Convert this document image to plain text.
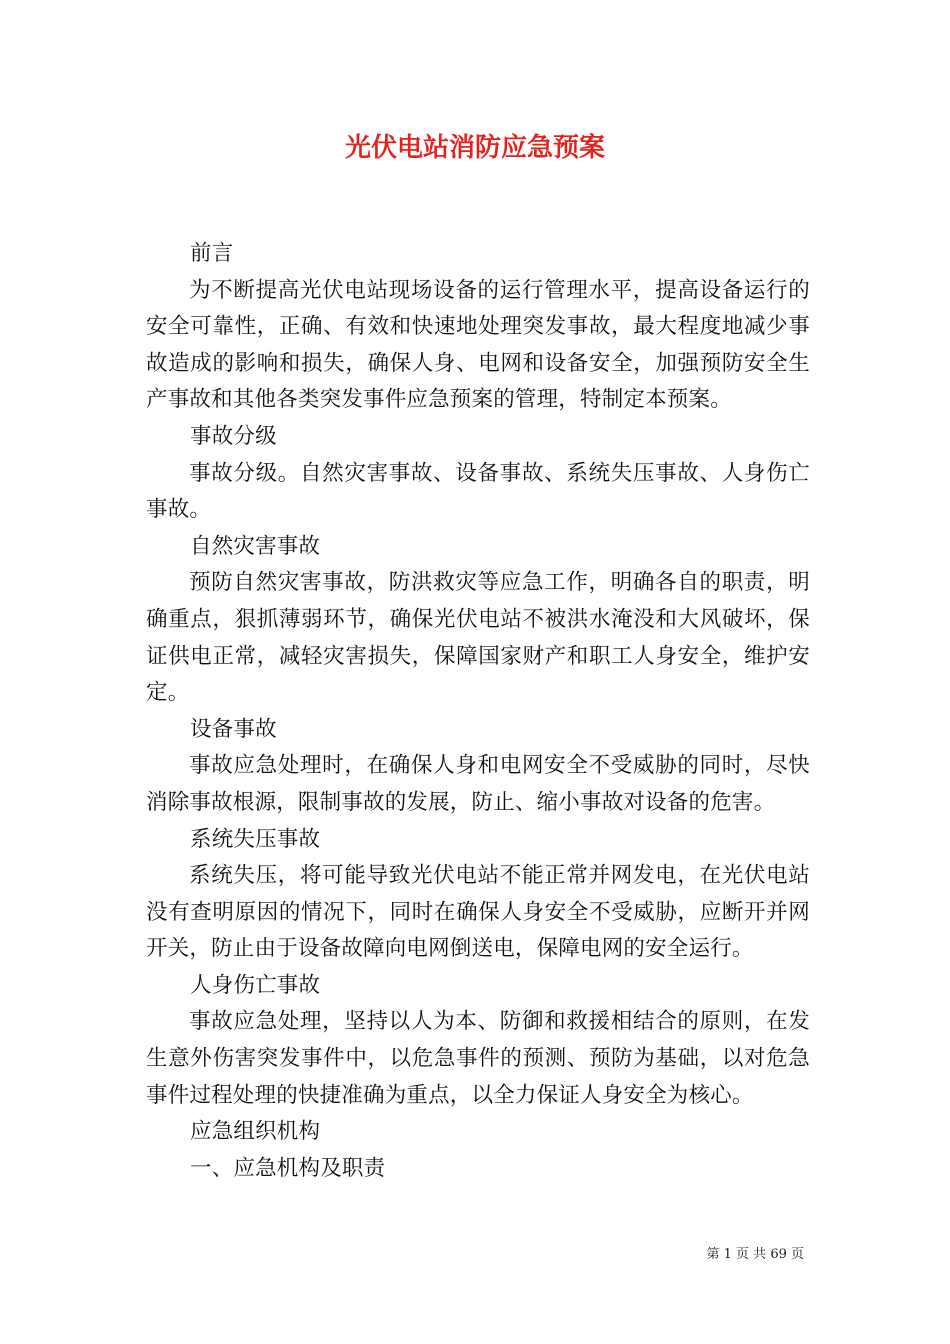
光伏电站消防应急预案

前言

为不断提高光伏电站现场设备的运行管理水平，提高设备运行的安全可靠性，正确、有效和快速地处理突发事故，最大程度地减少事故造成的影响和损失，确保人身、电网和设备安全，加强预防安全生产事故和其他各类突发事件应急预案的管理，特制定本预案。

事故分级

事故分级。自然灾害事故、设备事故、系统失压事故、人身伤亡事故。

自然灾害事故

预防自然灾害事故，防洪救灾等应急工作，明确各自的职责，明确重点，狠抓薄弱环节，确保光伏电站不被洪水淹没和大风破坏，保证供电正常，减轻灾害损失，保障国家财产和职工人身安全，维护安定。

设备事故

事故应急处理时，在确保人身和电网安全不受威胁的同时，尽快消除事故根源，限制事故的发展，防止、缩小事故对设备的危害。

系统失压事故

系统失压，将可能导致光伏电站不能正常并网发电，在光伏电站没有查明原因的情况下，同时在确保人身安全不受威胁，应断开并网开关，防止由于设备故障向电网倒送电，保障电网的安全运行。

人身伤亡事故

事故应急处理，坚持以人为本、防御和救援相结合的原则，在发生意外伤害突发事件中，以危急事件的预测、预防为基础，以对危急事件过程处理的快捷准确为重点，以全力保证人身安全为核心。

应急组织机构

一、应急机构及职责

第 1 页 共 69 页
